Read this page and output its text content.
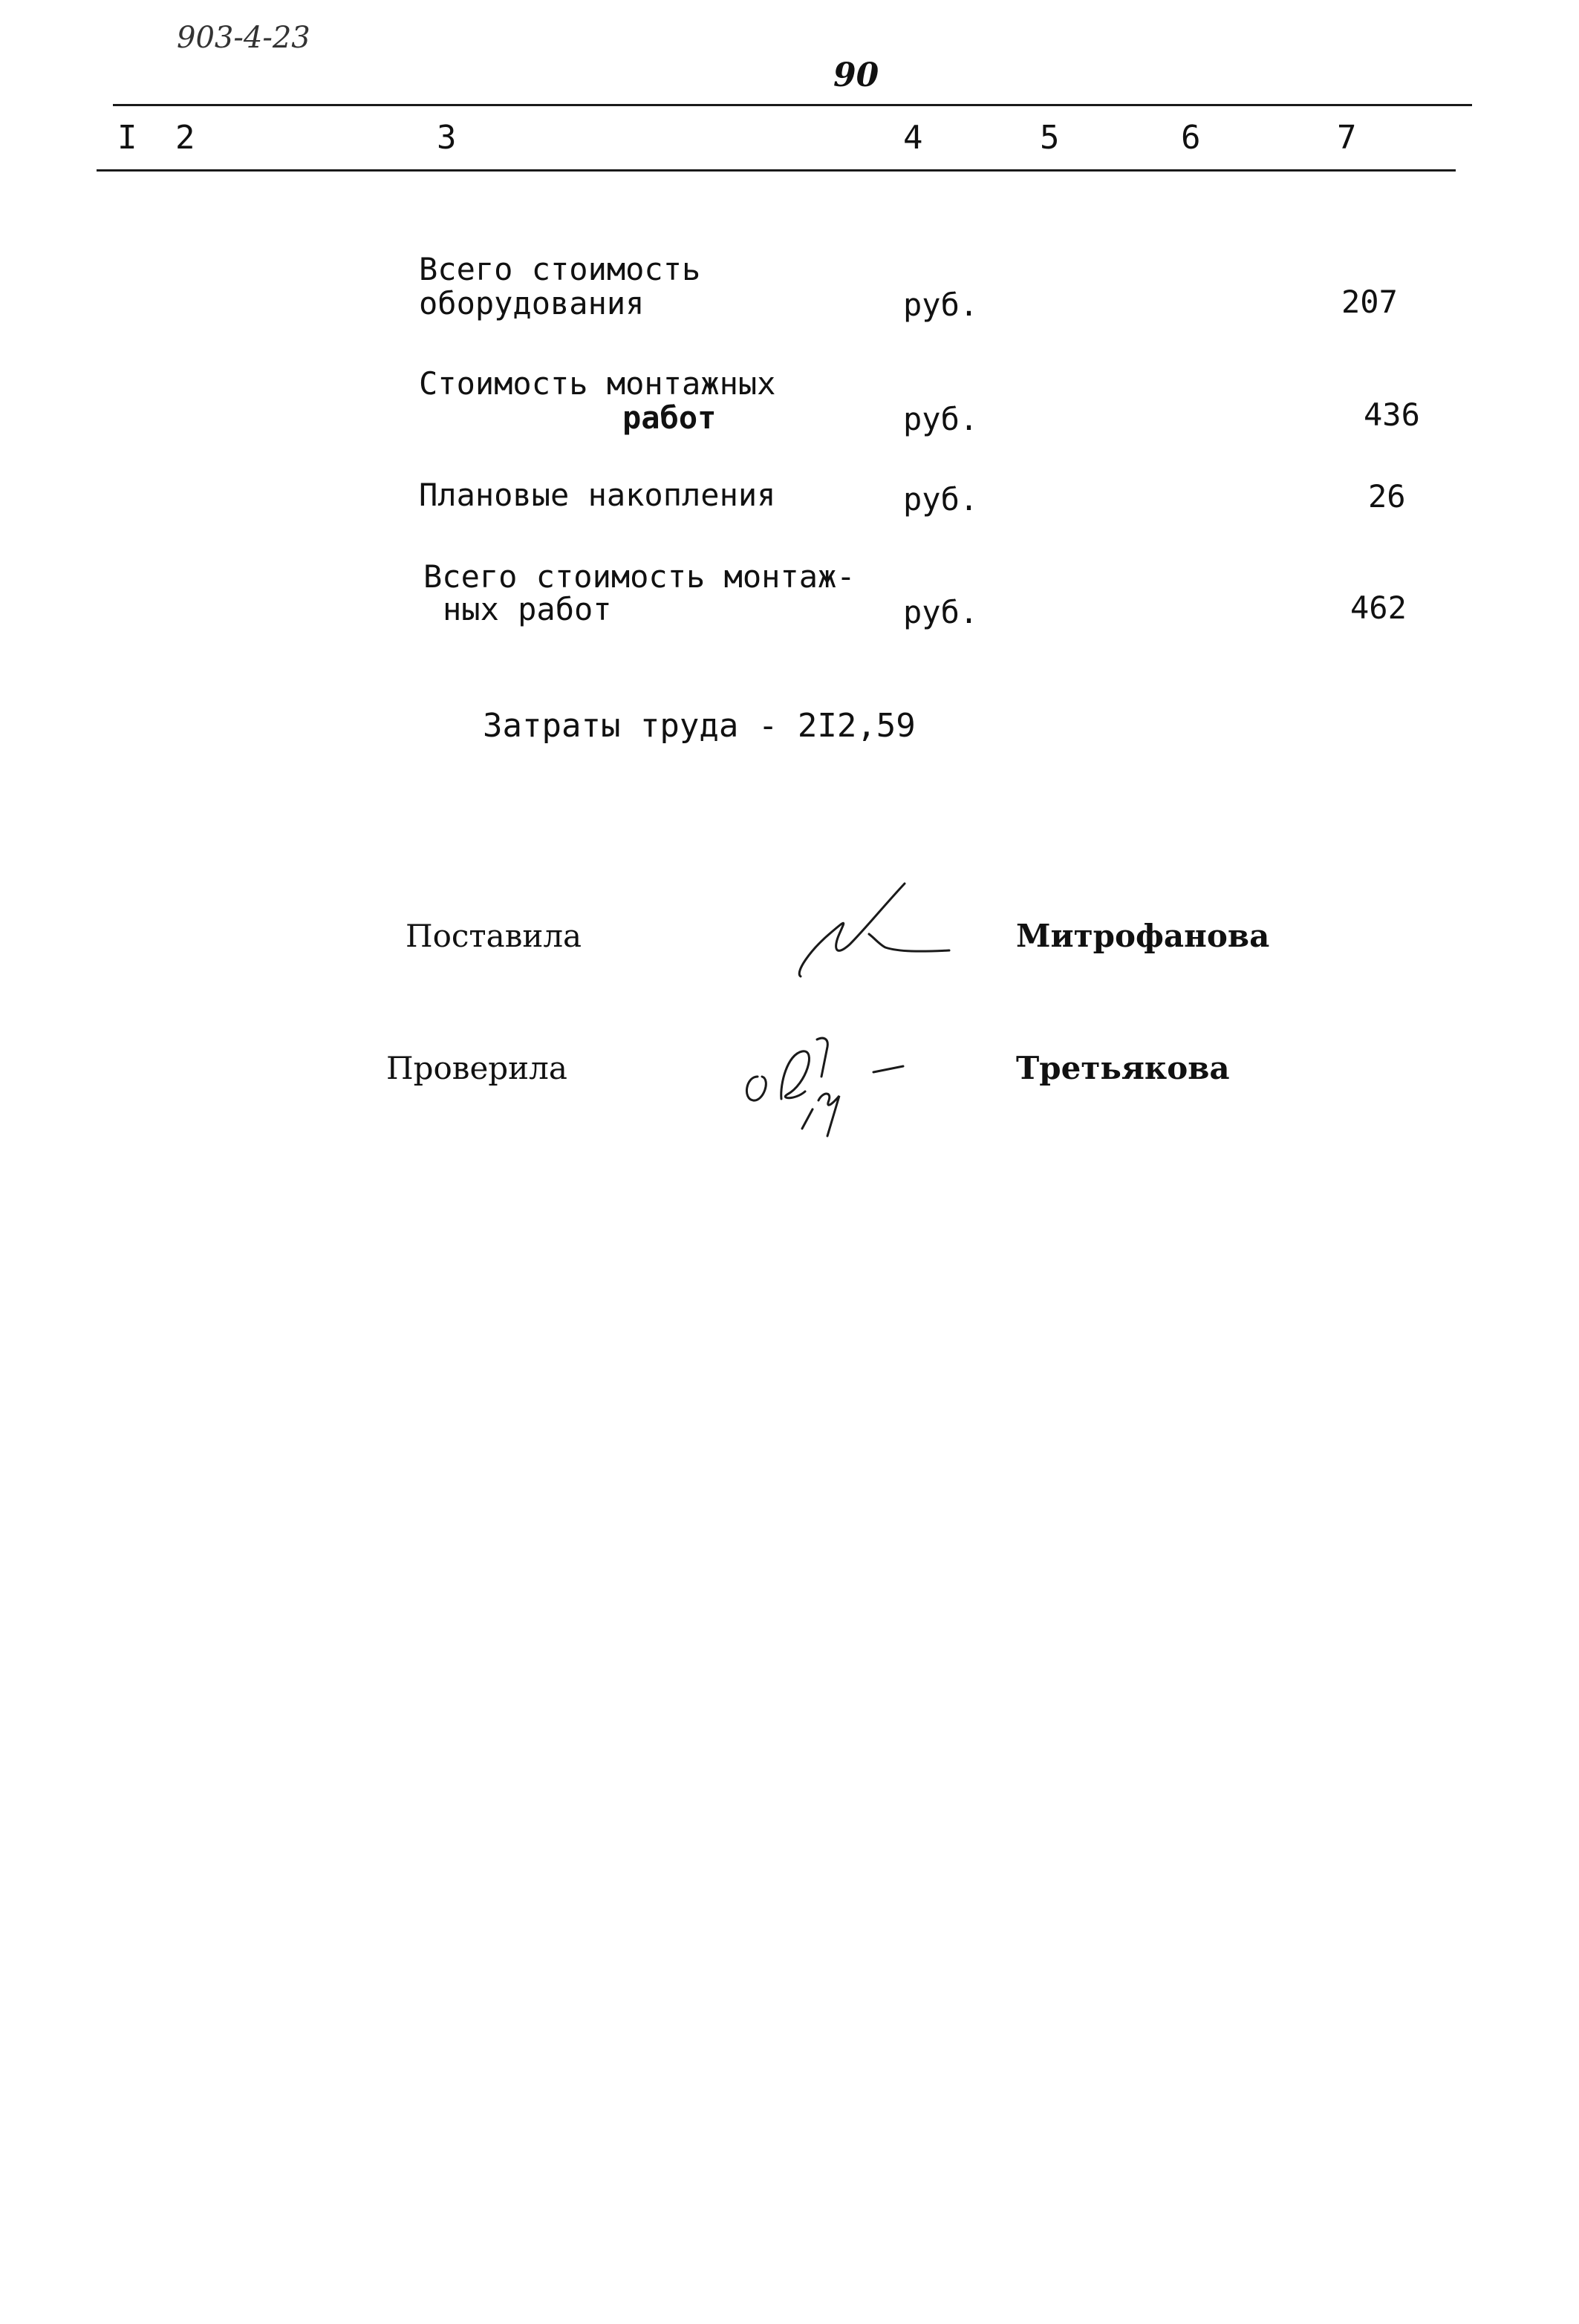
903-4-23
90
I 2	3	4	5	6	7
Всего стоимость
оборудования	руб.	207
Стоимость монтажных
работ	руб.	436
Плановые накопления	руб.	26
Всего стоимость монтаж-
ных работ	руб.	462
Затраты труда - 2I2,59
Поставила	Митрофанова
Проверила	Третьякова
